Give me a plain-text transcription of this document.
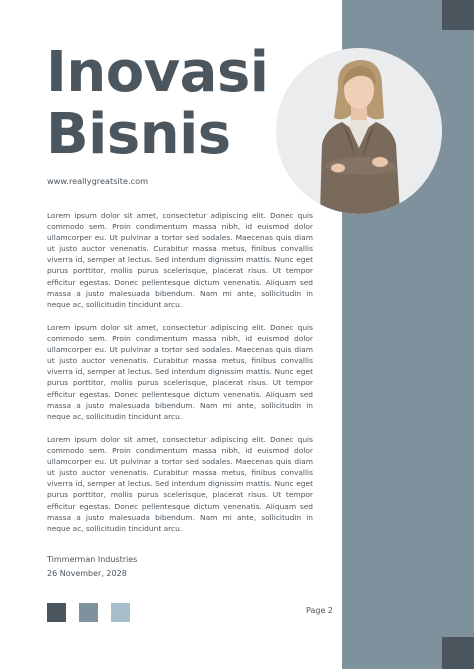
Inovasi
Bisnis
www.reallygreatsite.com

Lorem ipsum dolor sit amet, consectetur adipiscing elit. Donec quis commodo sem. Proin condimentum massa nibh, id euismod dolor ullamcorper eu. Ut pulvinar a tortor sed sodales. Maecenas quis diam ut justo auctor venenatis. Curabitur massa metus, finibus convallis viverra id, semper at lectus. Sed interdum dignissim mattis. Nunc eget purus porttitor, mollis purus scelerisque, placerat risus. Ut tempor efficitur egestas. Donec pellentesque dictum venenatis. Aliquam sed massa a justo malesuada bibendum. Nam mi ante, sollicitudin in neque ac, sollicitudin tincidunt arcu.

Lorem ipsum dolor sit amet, consectetur adipiscing elit. Donec quis commodo sem. Proin condimentum massa nibh, id euismod dolor ullamcorper eu. Ut pulvinar a tortor sed sodales. Maecenas quis diam ut justo auctor venenatis. Curabitur massa metus, finibus convallis viverra id, semper at lectus. Sed interdum dignissim mattis. Nunc eget purus porttitor, mollis purus scelerisque, placerat risus. Ut tempor efficitur egestas. Donec pellentesque dictum venenatis. Aliquam sed massa a justo malesuada bibendum. Nam mi ante, sollicitudin in neque ac, sollicitudin tincidunt arcu.

Lorem ipsum dolor sit amet, consectetur adipiscing elit. Donec quis commodo sem. Proin condimentum massa nibh, id euismod dolor ullamcorper eu. Ut pulvinar a tortor sed sodales. Maecenas quis diam ut justo auctor venenatis. Curabitur massa metus, finibus convallis viverra id, semper at lectus. Sed interdum dignissim mattis. Nunc eget purus porttitor, mollis purus scelerisque, placerat risus. Ut tempor efficitur egestas. Donec pellentesque dictum venenatis. Aliquam sed massa a justo malesuada bibendum. Nam mi ante, sollicitudin in neque ac, sollicitudin tincidunt arcu.

Timmerman Industries
26 November, 2028
Page 2
